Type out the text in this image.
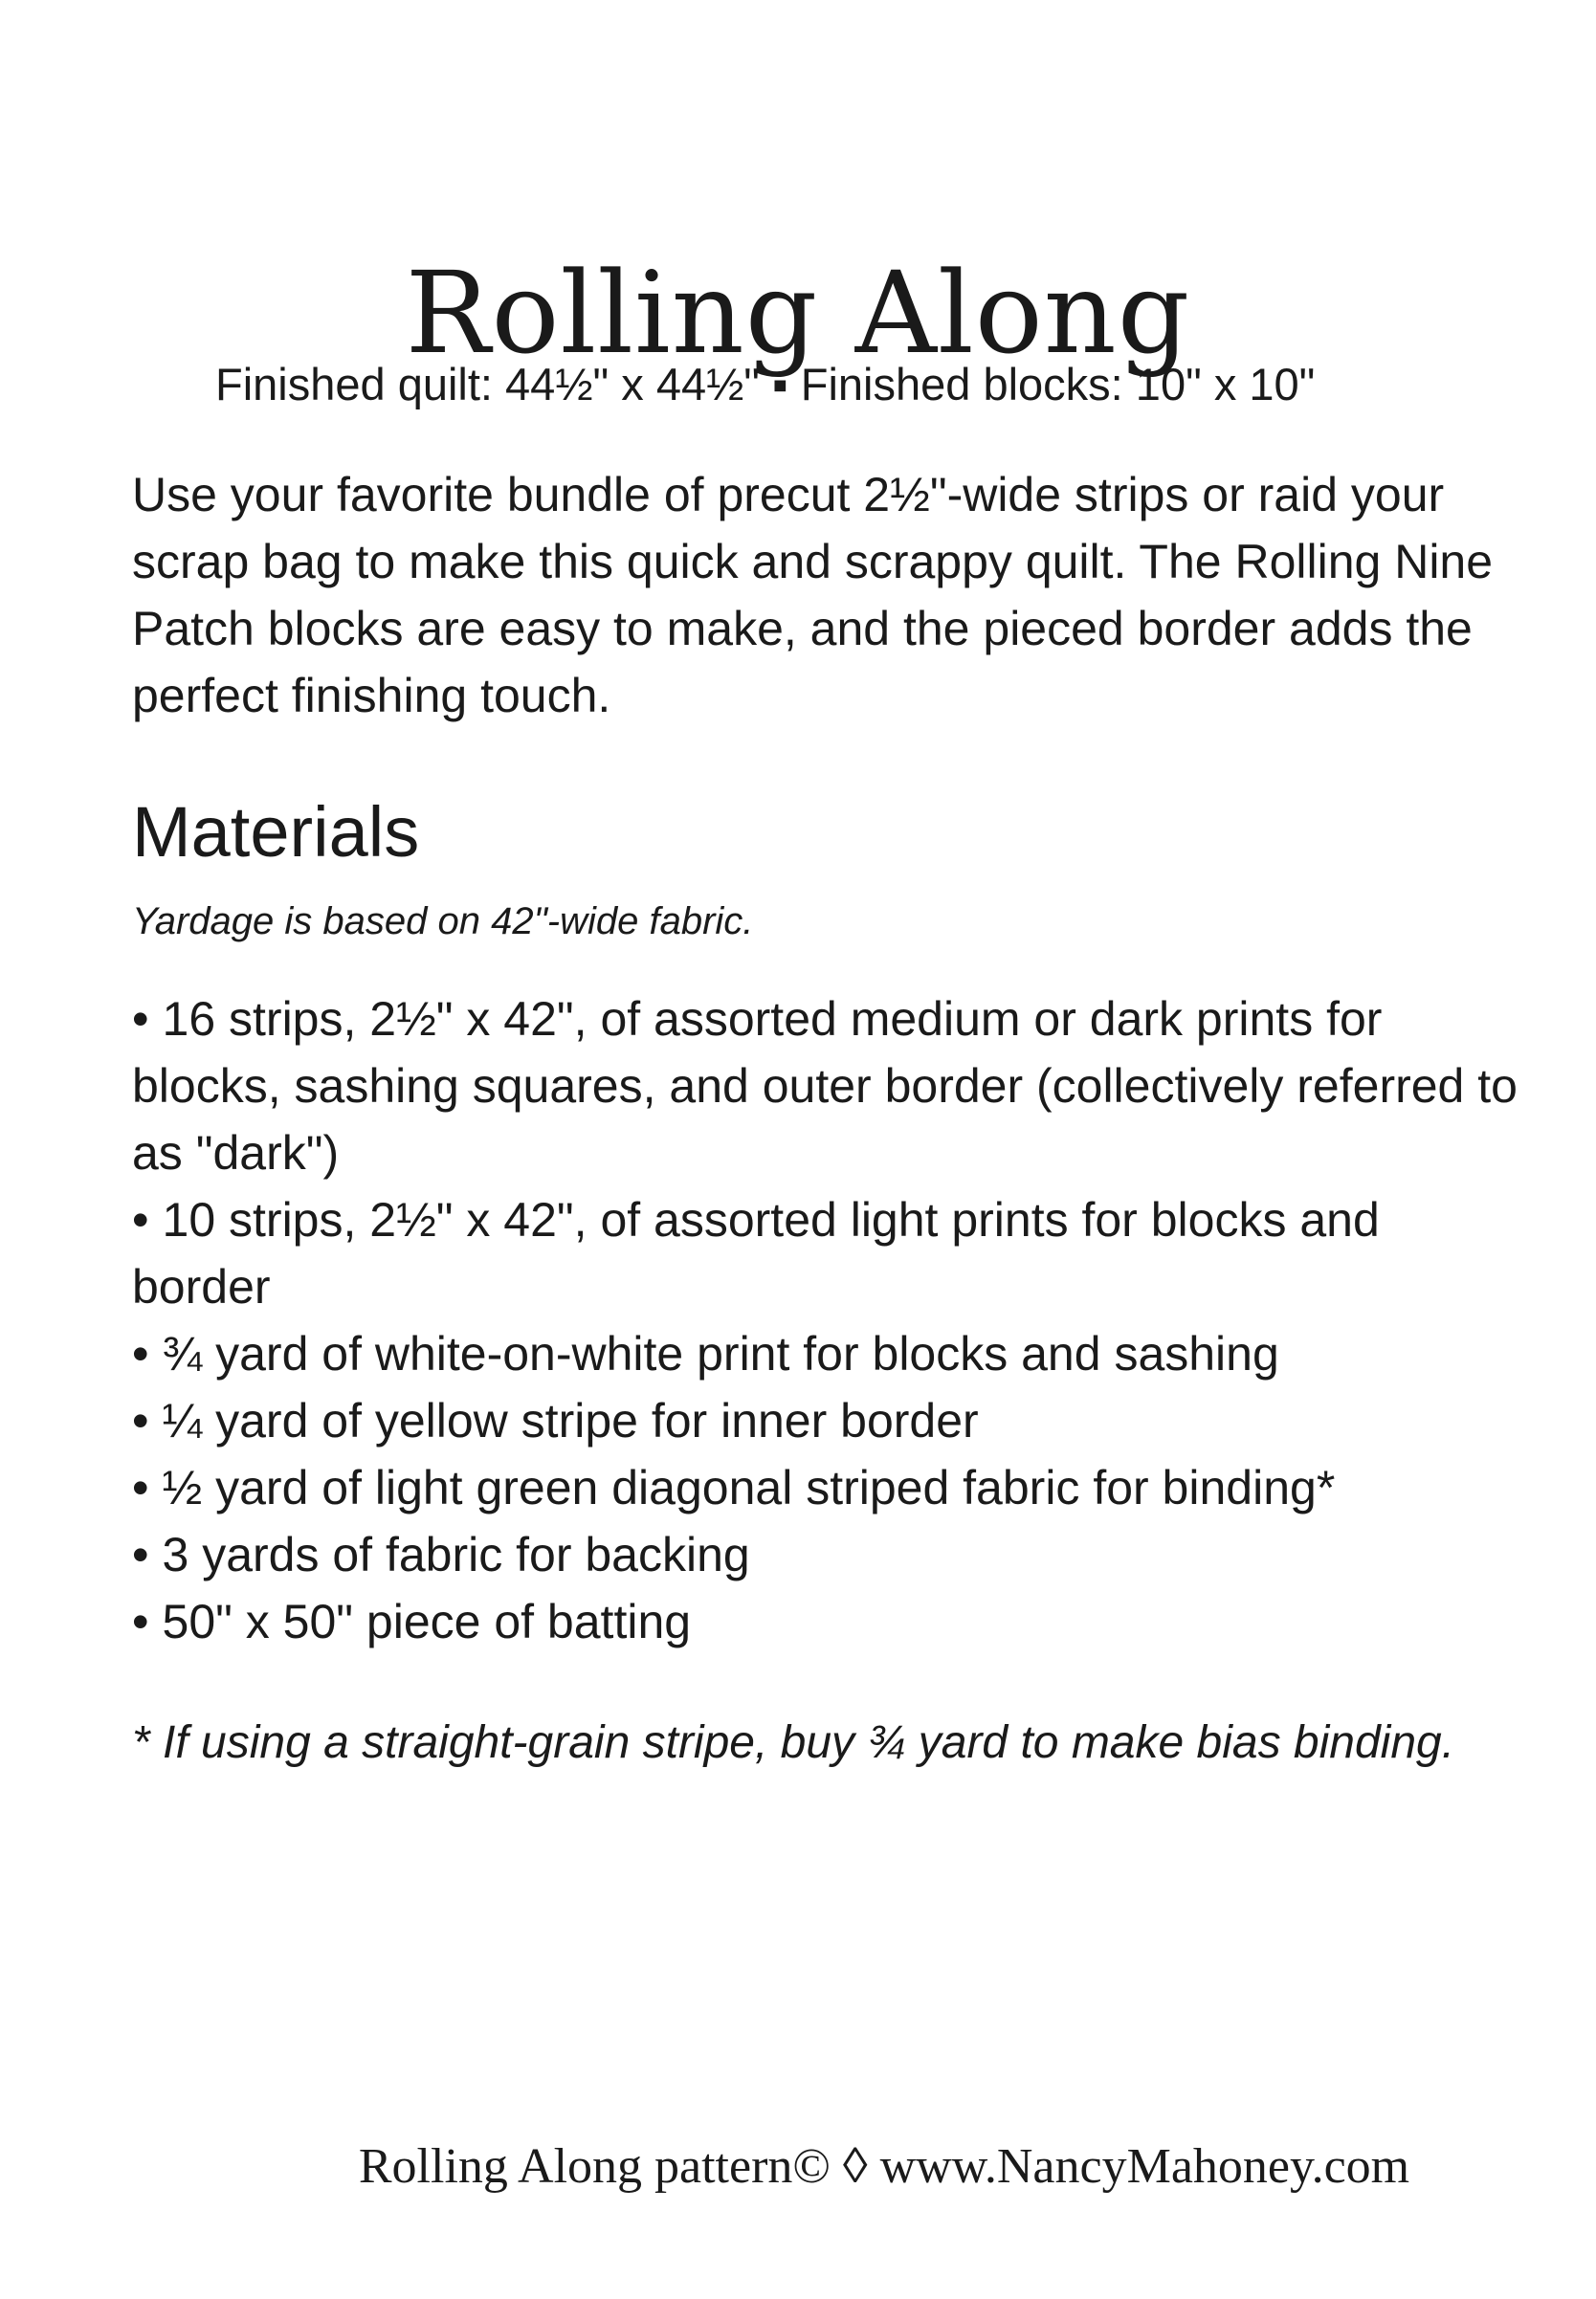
Rolling Along
Finished quilt: 44½" x 44½" ▪ Finished blocks: 10" x 10"

Use your favorite bundle of precut 2½"-wide strips or raid your scrap bag to make this quick and scrappy quilt. The Rolling Nine Patch blocks are easy to make, and the pieced border adds the perfect finishing touch.

Materials
Yardage is based on 42"-wide fabric.
• 16 strips, 2½" x 42", of assorted medium or dark prints for blocks, sashing squares, and outer border (collectively referred to as "dark")
• 10 strips, 2½" x 42", of assorted light prints for blocks and border
• ¾ yard of white-on-white print for blocks and sashing
• ¼ yard of yellow stripe for inner border
• ½ yard of light green diagonal striped fabric for binding*
• 3 yards of fabric for backing
• 50" x 50" piece of batting

* If using a straight-grain stripe, buy ¾ yard to make bias binding.

Rolling Along pattern© ◊ www.NancyMahoney.com
